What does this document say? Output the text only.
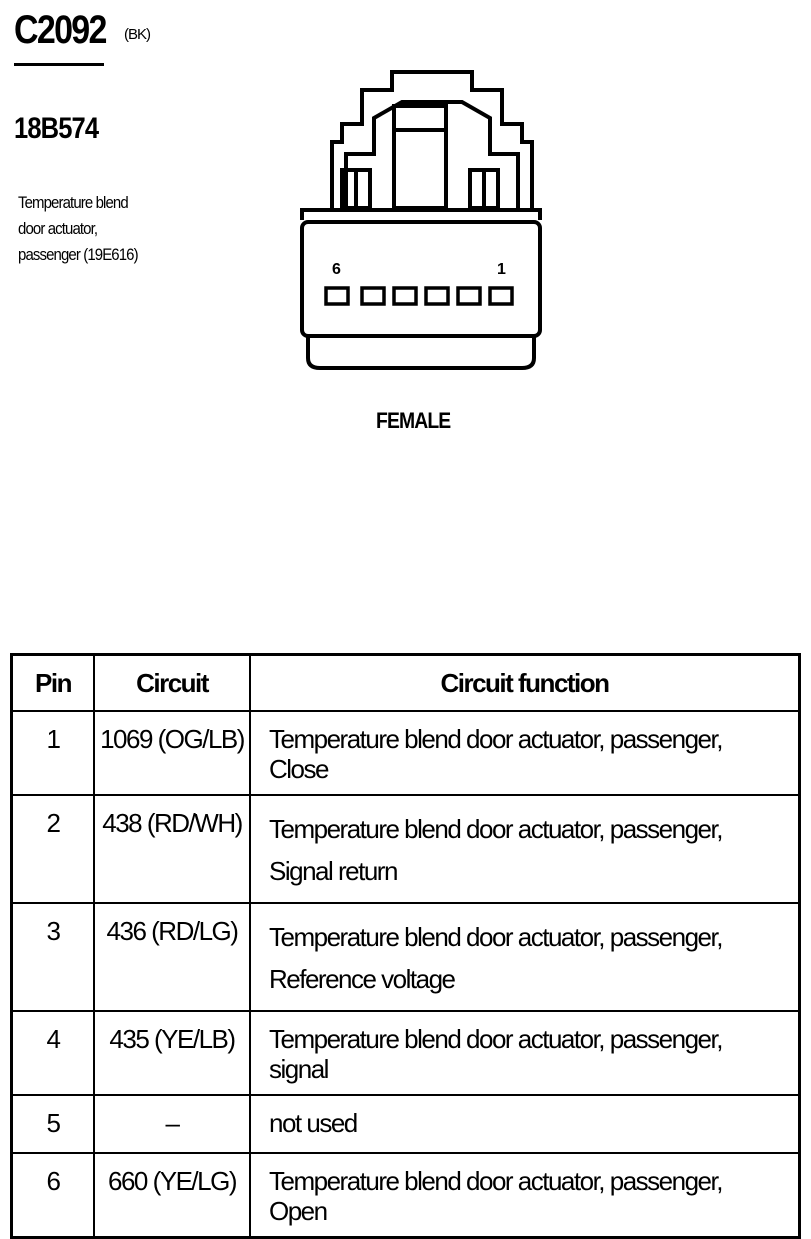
C2092 (BK)
18B574
Temperature blend door actuator, passenger (19E616)
6	1
FEMALE
Pin	Circuit	Circuit function
1	1069 (OG/LB)	Temperature blend door actuator, passenger, Close
2	438 (RD/WH)	Temperature blend door actuator, passenger, Signal return
3	436 (RD/LG)	Temperature blend door actuator, passenger, Reference voltage
4	435 (YE/LB)	Temperature blend door actuator, passenger, signal
5	–	not used
6	660 (YE/LG)	Temperature blend door actuator, passenger, Open
